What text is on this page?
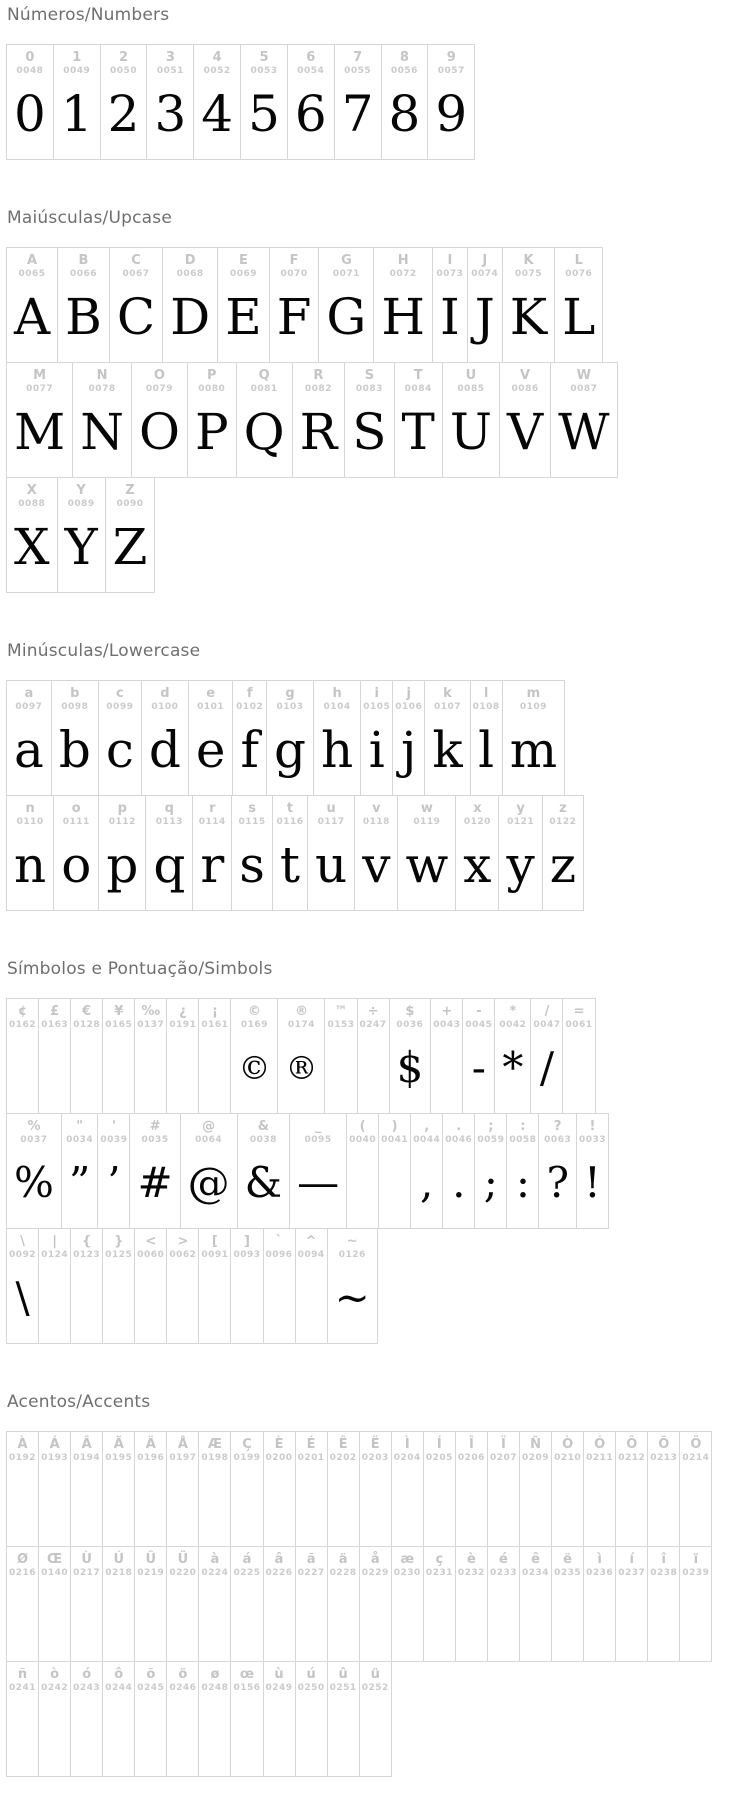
Números/Numbers
0
0048
0
1
0049
1
2
0050
2
3
0051
3
4
0052
4
5
0053
5
6
0054
6
7
0055
7
8
0056
8
9
0057
9
Maiúsculas/Upcase
A
0065
A
B
0066
B
C
0067
C
D
0068
D
E
0069
E
F
0070
F
G
0071
G
H
0072
H
I
0073
I
J
0074
J
K
0075
K
L
0076
L
M
0077
M
N
0078
N
O
0079
O
P
0080
P
Q
0081
Q
R
0082
R
S
0083
S
T
0084
T
U
0085
U
V
0086
V
W
0087
W
X
0088
X
Y
0089
Y
Z
0090
Z
Minúsculas/Lowercase
a
0097
a
b
0098
b
c
0099
c
d
0100
d
e
0101
e
f
0102
f
g
0103
g
h
0104
h
i
0105
i
j
0106
j
k
0107
k
l
0108
l
m
0109
m
n
0110
n
o
0111
o
p
0112
p
q
0113
q
r
0114
r
s
0115
s
t
0116
t
u
0117
u
v
0118
v
w
0119
w
x
0120
x
y
0121
y
z
0122
z
Símbolos e Pontuação/Simbols
¢
0162
£
0163
€
0128
¥
0165
‰
0137
¿
0191
¡
0161
©
0169
©
®
0174
®
™
0153
÷
0247
$
0036
$
+
0043
-
0045
-
*
0042
*
/
0047
/
=
0061
%
0037
%
"
0034
”
'
0039
’
#
0035
#
@
0064
@
&
0038
&
_
0095
—
(
0040
)
0041
,
0044
,
.
0046
.
;
0059
;
:
0058
:
?
0063
?
!
0033
!
\
0092
\
|
0124
{
0123
}
0125
<
0060
>
0062
[
0091
]
0093
`
0096
^
0094
~
0126
~
Acentos/Accents
À
0192
Á
0193
Â
0194
Ã
0195
Ä
0196
Å
0197
Æ
0198
Ç
0199
È
0200
É
0201
Ê
0202
Ë
0203
Ì
0204
Í
0205
Î
0206
Ï
0207
Ñ
0209
Ò
0210
Ó
0211
Ô
0212
Õ
0213
Ö
0214
Ø
0216
Œ
0140
Ù
0217
Ú
0218
Û
0219
Ü
0220
à
0224
á
0225
â
0226
ã
0227
ä
0228
å
0229
æ
0230
ç
0231
è
0232
é
0233
ê
0234
ë
0235
ì
0236
í
0237
î
0238
ï
0239
ñ
0241
ò
0242
ó
0243
ô
0244
õ
0245
ö
0246
ø
0248
œ
0156
ù
0249
ú
0250
û
0251
ü
0252
